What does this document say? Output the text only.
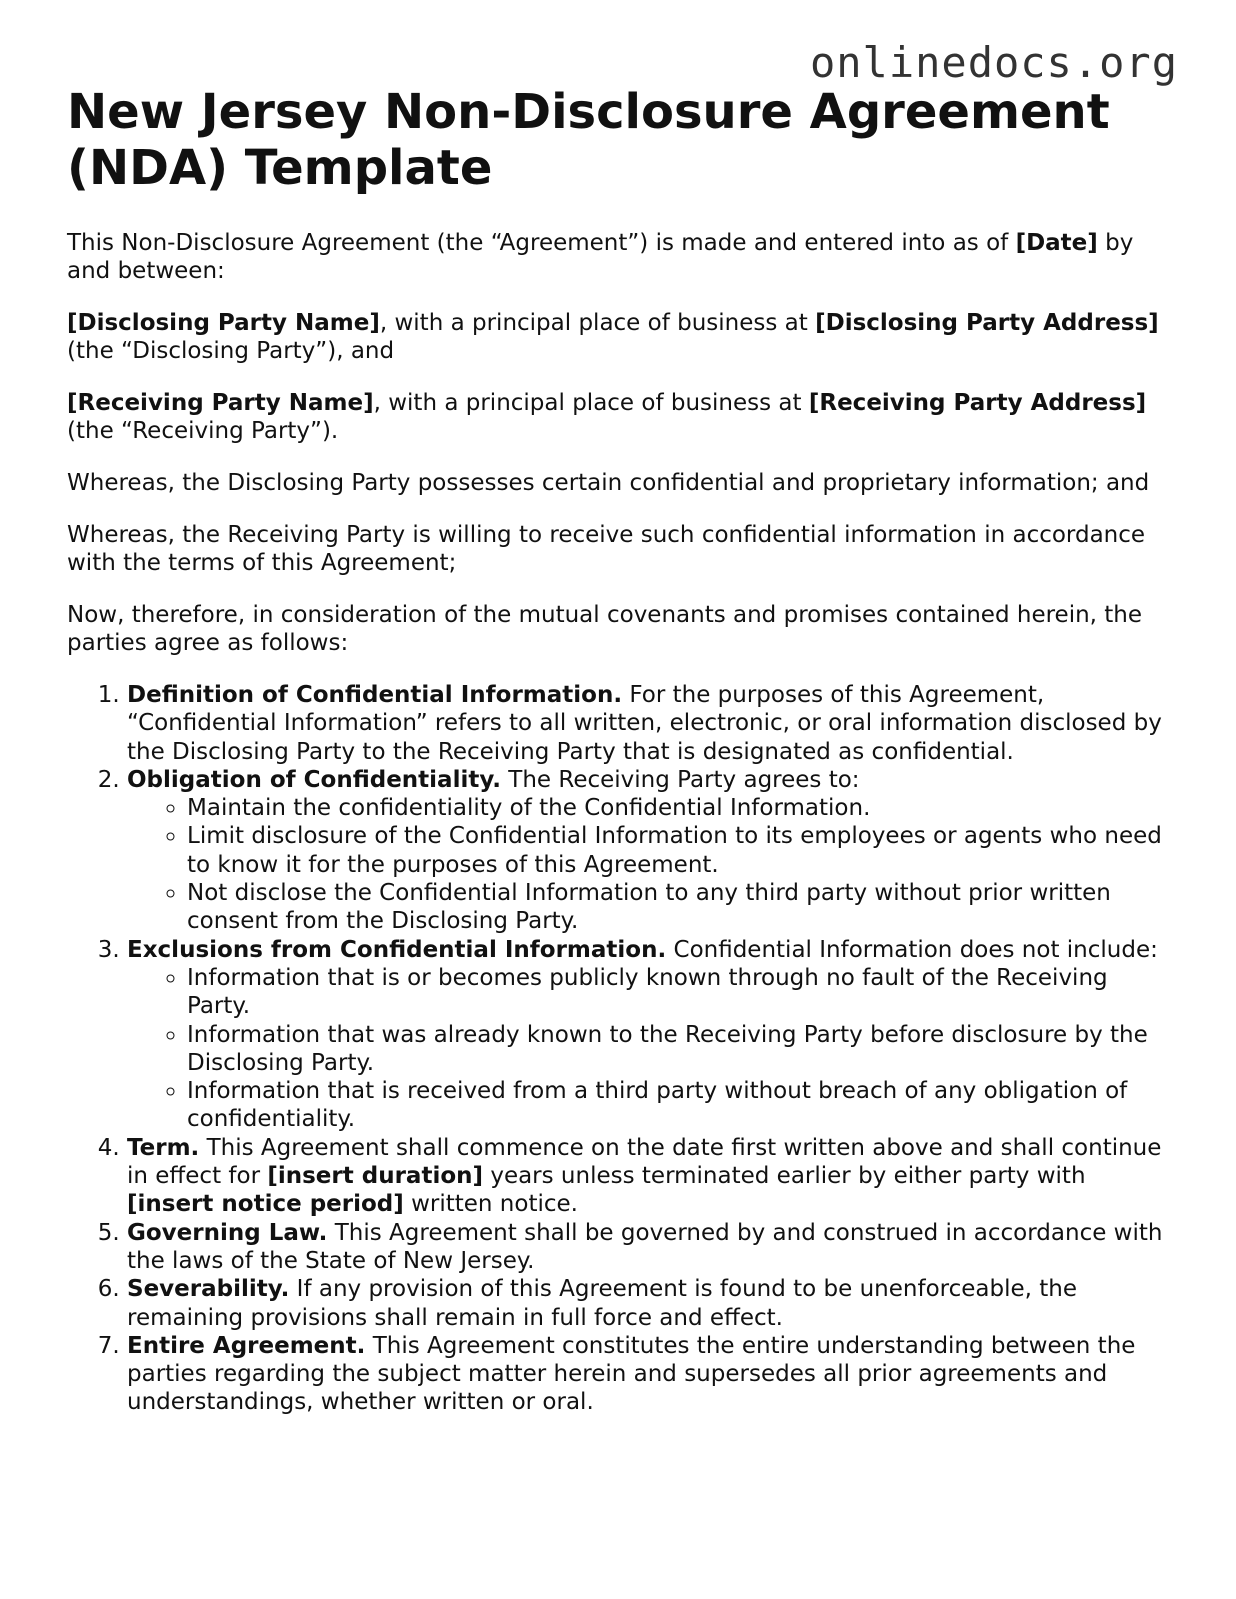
onlinedocs.org
New Jersey Non-Disclosure Agreement (NDA) Template

This Non-Disclosure Agreement (the “Agreement”) is made and entered into as of [Date] by and between:

[Disclosing Party Name], with a principal place of business at [Disclosing Party Address] (the “Disclosing Party”), and

[Receiving Party Name], with a principal place of business at [Receiving Party Address] (the “Receiving Party”).

Whereas, the Disclosing Party possesses certain confidential and proprietary information; and

Whereas, the Receiving Party is willing to receive such confidential information in accordance with the terms of this Agreement;

Now, therefore, in consideration of the mutual covenants and promises contained herein, the parties agree as follows:

1. Definition of Confidential Information. For the purposes of this Agreement, “Confidential Information” refers to all written, electronic, or oral information disclosed by the Disclosing Party to the Receiving Party that is designated as confidential.
2. Obligation of Confidentiality. The Receiving Party agrees to:
◦ Maintain the confidentiality of the Confidential Information.
◦ Limit disclosure of the Confidential Information to its employees or agents who need to know it for the purposes of this Agreement.
◦ Not disclose the Confidential Information to any third party without prior written consent from the Disclosing Party.
3. Exclusions from Confidential Information. Confidential Information does not include:
◦ Information that is or becomes publicly known through no fault of the Receiving Party.
◦ Information that was already known to the Receiving Party before disclosure by the Disclosing Party.
◦ Information that is received from a third party without breach of any obligation of confidentiality.
4. Term. This Agreement shall commence on the date first written above and shall continue in effect for [insert duration] years unless terminated earlier by either party with [insert notice period] written notice.
5. Governing Law. This Agreement shall be governed by and construed in accordance with the laws of the State of New Jersey.
6. Severability. If any provision of this Agreement is found to be unenforceable, the remaining provisions shall remain in full force and effect.
7. Entire Agreement. This Agreement constitutes the entire understanding between the parties regarding the subject matter herein and supersedes all prior agreements and understandings, whether written or oral.
